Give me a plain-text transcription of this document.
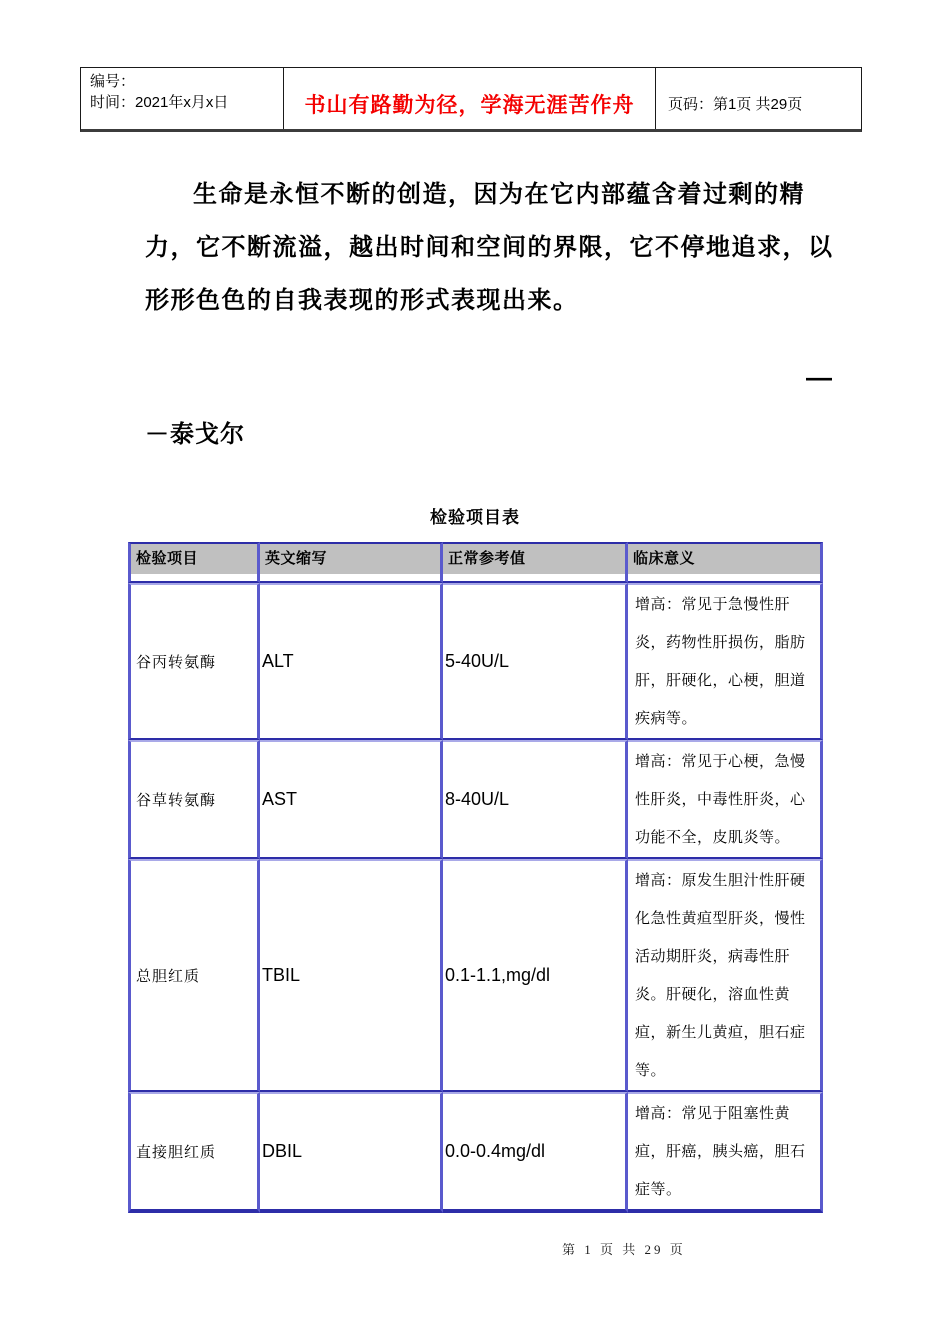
编号：
时间：2021年x月x日	书山有路勤为径，学海无涯苦作舟 页码：第1页 共29页
生命是永恒不断的创造，因为在它内部蕴含着过剩的精力，它不断流溢，越出时间和空间的界限，它不停地追求，以形形色色的自我表现的形式表现出来。
—
－泰戈尔
检验项目表
检验项目	英文缩写	正常参考值	临床意义

谷丙转氨酶	ALT	5-40U/L	增高：常见于急慢性肝炎，药物性肝损伤，脂肪肝，肝硬化，心梗，胆道疾病等。
谷草转氨酶	AST	8-40U/L	增高：常见于心梗，急慢性肝炎，中毒性肝炎，心功能不全，皮肌炎等。
总胆红质	TBIL	0.1-1.1,mg/dl	增高：原发生胆汁性肝硬化急性黄疸型肝炎，慢性活动期肝炎，病毒性肝炎。肝硬化，溶血性黄疸，新生儿黄疸，胆石症等。
直接胆红质	DBIL	0.0-0.4mg/dl	增高：常见于阻塞性黄疸，肝癌，胰头癌，胆石症等。
第 1 页 共 29 页
